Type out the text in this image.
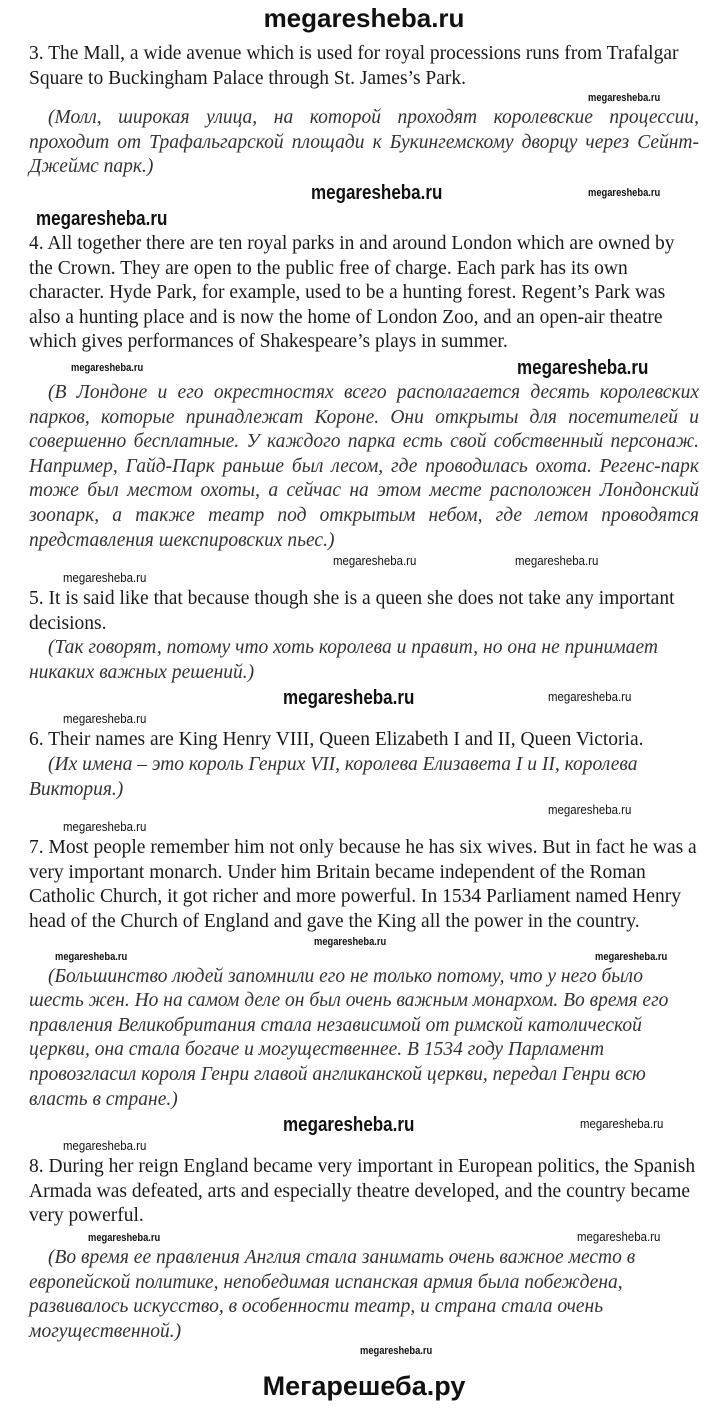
megaresheba.ru

3. The Mall, a wide avenue which is used for royal processions runs from Trafalgar Square to Buckingham Palace through St. James’s Park.

megaresheba.ru

(Молл, широкая улица, на которой проходят королевские процессии, проходит от Трафальгарской площади к Букингемскому дворцу через Сейнт-Джеймс парк.)

megaresheba.ru	megaresheba.ru
megaresheba.ru

4. All together there are ten royal parks in and around London which are owned by the Crown. They are open to the public free of charge. Each park has its own character. Hyde Park, for example, used to be a hunting forest. Regent’s Park was also a hunting place and is now the home of London Zoo, and an open-air theatre which gives performances of Shakespeare’s plays in summer.

megaresheba.ru
megaresheba.ru

(В Лондоне и его окрестностях всего располагается десять королевских парков, которые принадлежат Короне. Они открыты для посетителей и совершенно бесплатные. У каждого парка есть свой собственный персонаж. Например, Гайд-Парк раньше был лесом, где проводилась охота. Регенс-парк тоже был местом охоты, а сейчас на этом месте расположен Лондонский зоопарк, а также театр под открытым небом, где летом проводятся представления шекспировских пьес.)

megaresheba.ru	megaresheba.ru
megaresheba.ru

5. It is said like that because though she is a queen she does not take any important decisions.

(Так говорят, потому что хоть королева и правит, но она не принимает никаких важных решений.)

megaresheba.ru	megaresheba.ru
megaresheba.ru

6. Their names are King Henry VIII, Queen Elizabeth I and II, Queen Victoria.

(Их имена – это король Генрих VII, королева Елизавета I и II, королева Виктория.)

megaresheba.ru
megaresheba.ru

7. Most people remember him not only because he has six wives. But in fact he was a very important monarch. Under him Britain became independent of the Roman Catholic Church, it got richer and more powerful. In 1534 Parliament named Henry head of the Church of England and gave the King all the power in the country.

megaresheba.ru
megaresheba.ru	megaresheba.ru

(Большинство людей запомнили его не только потому, что у него было шесть жен. Но на самом деле он был очень важным монархом. Во время его правления Великобритания стала независимой от римской католической церкви, она стала богаче и могущественнее. В 1534 году Парламент провозгласил короля Генри главой англиканской церкви, передал Генри всю власть в стране.)

megaresheba.ru	megaresheba.ru
megaresheba.ru

8. During her reign England became very important in European politics, the Spanish Armada was defeated, arts and especially theatre developed, and the country became very powerful.

megaresheba.ru	megaresheba.ru

(Во время ее правления Англия стала занимать очень важное место в европейской политике, непобедимая испанская армия была побеждена, развивалось искусство, в особенности театр, и страна стала очень могущественной.)

megaresheba.ru
Мегарешеба.ру
